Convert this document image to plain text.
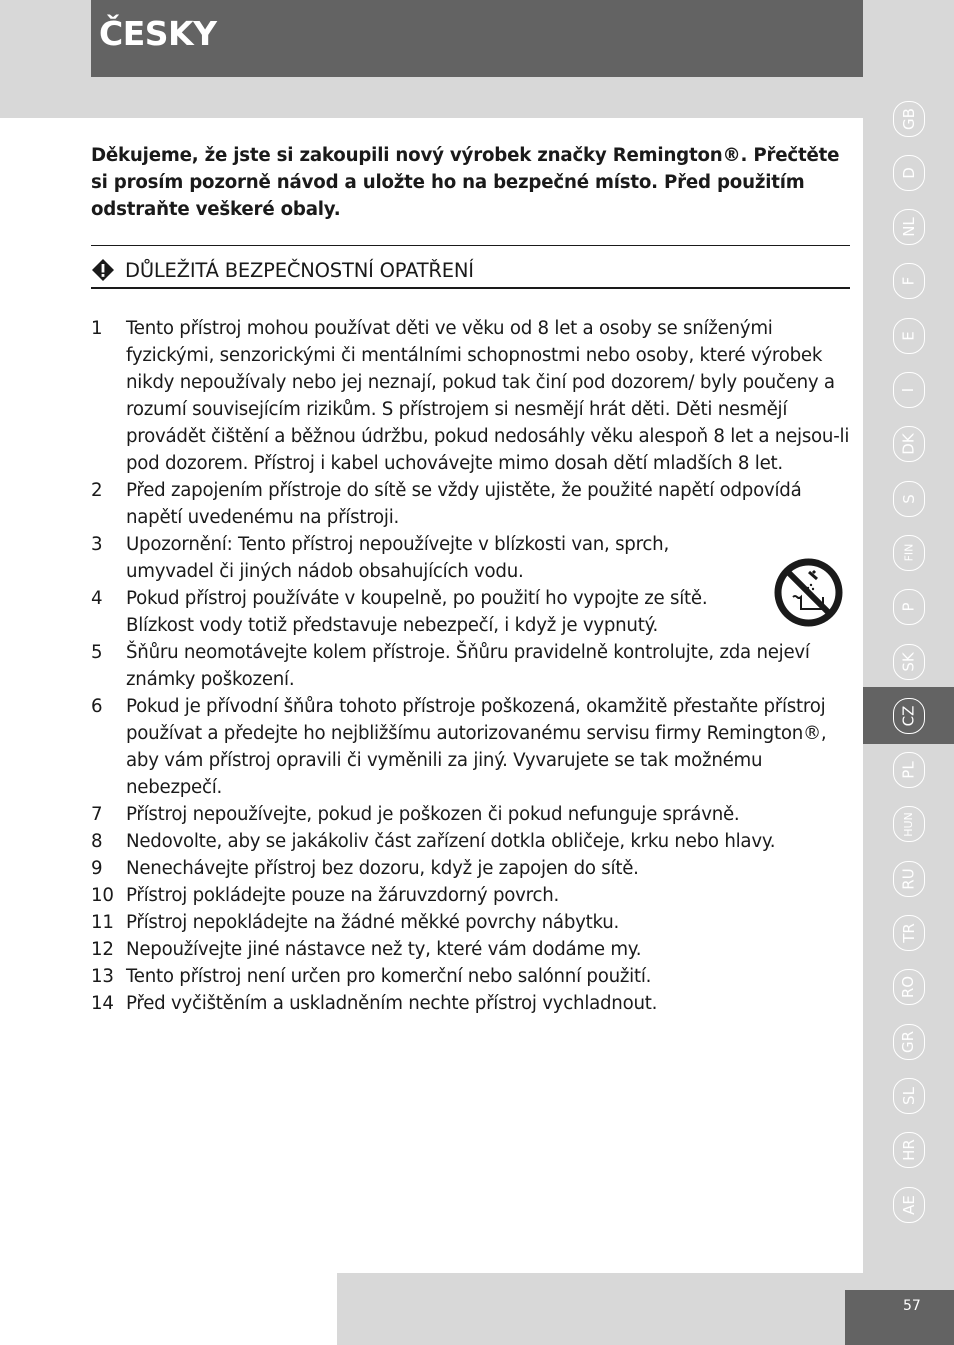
ČESKY

Děkujeme, že jste si zakoupili nový výrobek značky Remington®. Přečtěte si prosím pozorně návod a uložte ho na bezpečné místo. Před použitím odstraňte veškeré obaly.

DŮLEŽITÁ BEZPEČNOSTNÍ OPATŘENÍ
1 Tento přístroj mohou používat děti ve věku od 8 let a osoby se sníženými fyzickými, senzorickými či mentálními schopnostmi nebo osoby, které výrobek nikdy nepoužívaly nebo jej neznají, pokud tak činí pod dozorem/ byly poučeny a rozumí souvisejícím rizikům. S přístrojem si nesmějí hrát děti. Děti nesmějí provádět čištění a běžnou údržbu, pokud nedosáhly věku alespoň 8 let a nejsou-li pod dozorem. Přístroj i kabel uchovávejte mimo dosah dětí mladších 8 let.
2 Před zapojením přístroje do sítě se vždy ujistěte, že použité napětí odpovídá napětí uvedenému na přístroji.
3 Upozornění: Tento přístroj nepoužívejte v blízkosti van, sprch, umyvadel či jiných nádob obsahujících vodu.
4 Pokud přístroj používáte v koupelně, po použití ho vypojte ze sítě. Blízkost vody totiž představuje nebezpečí, i když je vypnutý.
5 Šňůru neomotávejte kolem přístroje. Šňůru pravidelně kontrolujte, zda nejeví známky poškození.
6 Pokud je přívodní šňůra tohoto přístroje poškozená, okamžitě přestaňte přístroj používat a předejte ho nejbližšímu autorizovanému servisu firmy Remington®, aby vám přístroj opravili či vyměnili za jiný. Vyvarujete se tak možnému nebezpečí.
7 Přístroj nepoužívejte, pokud je poškozen či pokud nefunguje správně.
8 Nedovolte, aby se jakákoliv část zařízení dotkla obličeje, krku nebo hlavy.
9 Nenechávejte přístroj bez dozoru, když je zapojen do sítě.
10 Přístroj pokládejte pouze na žáruvzdorný povrch.
11 Přístroj nepokládejte na žádné měkké povrchy nábytku.
12 Nepoužívejte jiné nástavce než ty, které vám dodáme my.
13 Tento přístroj není určen pro komerční nebo salónní použití.
14 Před vyčištěním a uskladněním nechte přístroj vychladnout.
GB
D
NL
F
E
I
DK
S
FIN
P
SK
CZ
PL
HUN
RU
TR
RO
GR
SL
HR
AE
57
